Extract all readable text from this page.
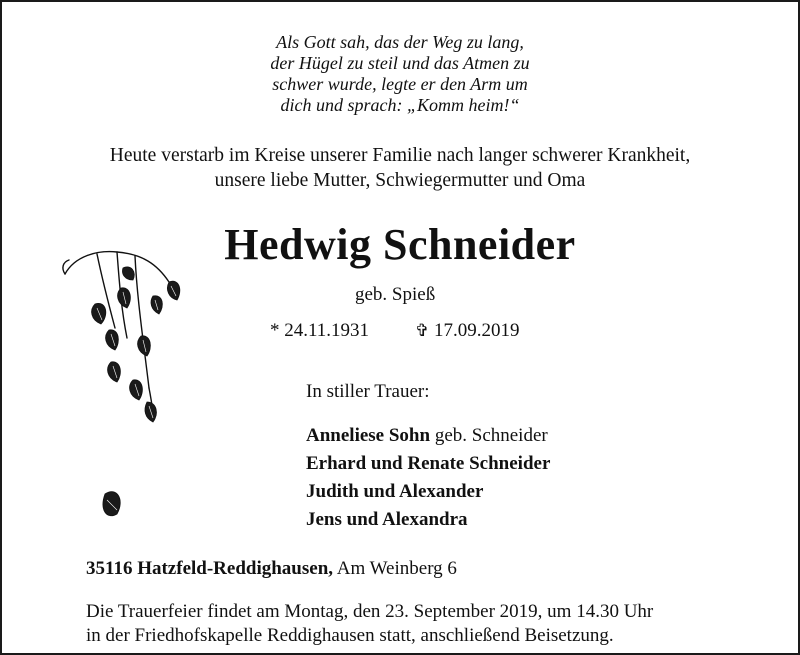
Als Gott sah, das der Weg zu lang,
der Hügel zu steil und das Atmen zu
schwer wurde, legte er den Arm um
dich und sprach: „Komm heim!“
Heute verstarb im Kreise unserer Familie nach langer schwerer Krankheit,
unsere liebe Mutter, Schwiegermutter und Oma
Hedwig Schneider
geb. Spieß
* 24.11.1931	✞ 17.09.2019
In stiller Trauer:
Anneliese Sohn geb. Schneider
Erhard und Renate Schneider
Judith und Alexander
Jens und Alexandra
35116 Hatzfeld-Reddighausen, Am Weinberg 6
Die Trauerfeier findet am Montag, den 23. September 2019, um 14.30 Uhr
in der Friedhofskapelle Reddighausen statt, anschließend Beisetzung.
